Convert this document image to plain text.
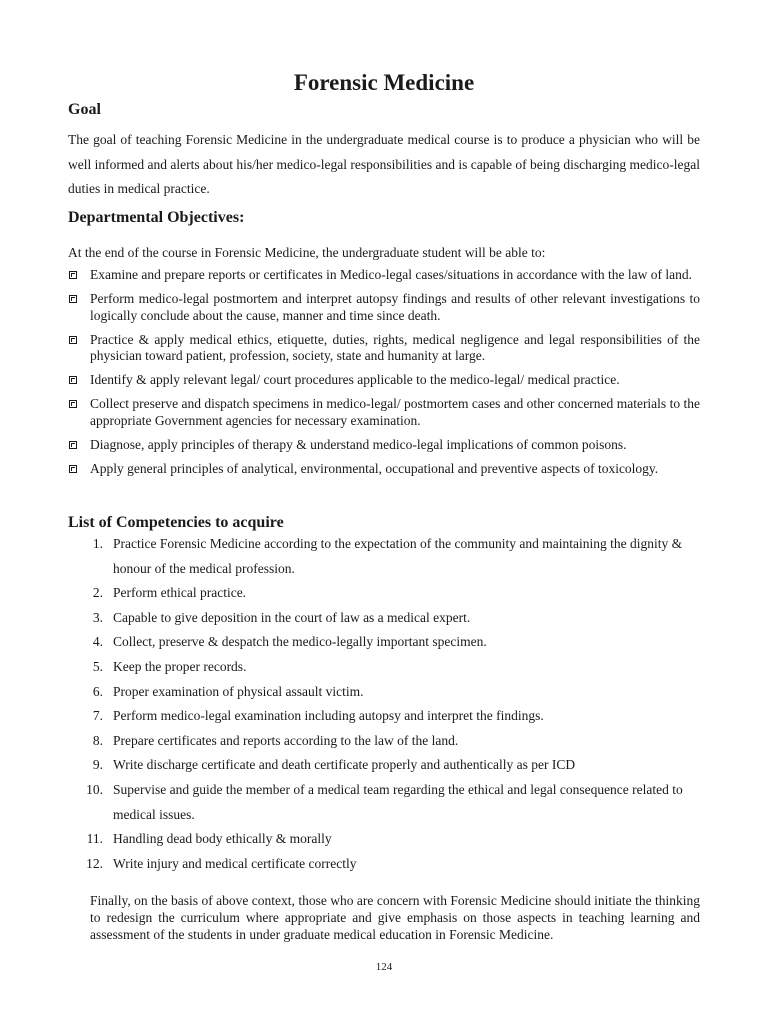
Forensic Medicine
Goal

The goal of teaching Forensic Medicine in the undergraduate medical course is to produce a physician who will be well informed and alerts about his/her medico-legal responsibilities and is capable of being discharging medico-legal duties in medical practice.

Departmental Objectives:

At the end of the course in Forensic Medicine, the undergraduate student will be able to:

Examine and prepare reports or certificates in Medico-legal cases/situations in accordance with the law of land.
Perform medico-legal postmortem and interpret autopsy findings and results of other relevant investigations to logically conclude about the cause, manner and time since death.
Practice & apply medical ethics, etiquette, duties, rights, medical negligence and legal responsibilities of the physician toward patient, profession, society, state and humanity at large.
Identify & apply relevant legal/ court procedures applicable to the medico-legal/ medical practice.
Collect preserve and dispatch specimens in medico-legal/ postmortem cases and other concerned materials to the appropriate Government agencies for necessary examination.
Diagnose, apply principles of therapy & understand medico-legal implications of common poisons.
Apply general principles of analytical, environmental, occupational and preventive aspects of toxicology.
List of Competencies to acquire
1. Practice Forensic Medicine according to the expectation of the community and maintaining the dignity & honour of the medical profession.
2. Perform ethical practice.
3. Capable to give deposition in the court of law as a medical expert.
4. Collect, preserve & despatch the medico-legally important specimen.
5. Keep the proper records.
6. Proper examination of physical assault victim.
7. Perform medico-legal examination including autopsy and interpret the findings.
8. Prepare certificates and reports according to the law of the land.
9. Write discharge certificate and death certificate properly and authentically as per ICD
10. Supervise and guide the member of a medical team regarding the ethical and legal consequence related to medical issues.
11. Handling dead body ethically & morally
12. Write injury and medical certificate correctly

Finally, on the basis of above context, those who are concern with Forensic Medicine should initiate the thinking to redesign the curriculum where appropriate and give emphasis on those aspects in teaching learning and assessment of the students in under graduate medical education in Forensic Medicine.

124
